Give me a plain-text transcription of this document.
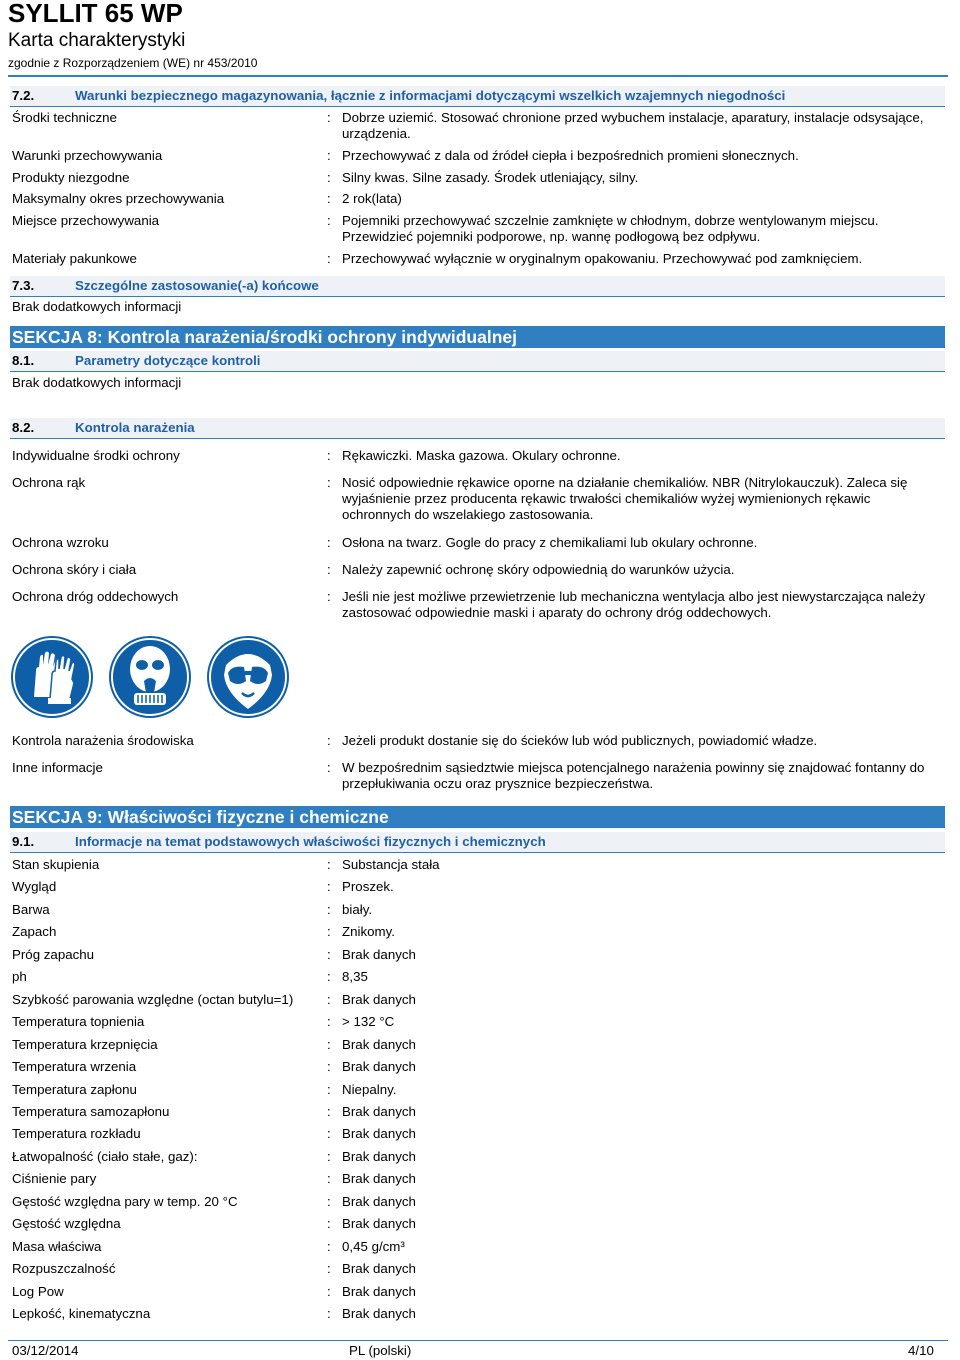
SYLLIT 65 WP
Karta charakterystyki
zgodnie z Rozporządzeniem (WE) nr 453/2010
7.2.	Warunki bezpiecznego magazynowania, łącznie z informacjami dotyczącymi wszelkich wzajemnych niegodności
Środki techniczne	: Dobrze uziemić. Stosować chronione przed wybuchem instalacje, aparatury, instalacje odsysające, urządzenia.
Warunki przechowywania	: Przechowywać z dala od źródeł ciepła i bezpośrednich promieni słonecznych.
Produkty niezgodne	: Silny kwas. Silne zasady. Środek utleniający, silny.
Maksymalny okres przechowywania	: 2 rok(lata)
Miejsce przechowywania	: Pojemniki przechowywać szczelnie zamknięte w chłodnym, dobrze wentylowanym miejscu. Przewidzieć pojemniki podporowe, np. wannę podłogową bez odpływu.
Materiały pakunkowe	: Przechowywać wyłącznie w oryginalnym opakowaniu. Przechowywać pod zamknięciem.
7.3.	Szczególne zastosowanie(-a) końcowe
Brak dodatkowych informacji
SEKCJA 8: Kontrola narażenia/środki ochrony indywidualnej
8.1.	Parametry dotyczące kontroli
Brak dodatkowych informacji
8.2.	Kontrola narażenia
Indywidualne środki ochrony	: Rękawiczki. Maska gazowa. Okulary ochronne.
Ochrona rąk	: Nosić odpowiednie rękawice oporne na działanie chemikaliów. NBR (Nitrylokauczuk). Zaleca się wyjaśnienie przez producenta rękawic trwałości chemikaliów wyżej wymienionych rękawic ochronnych do wszelakiego zastosowania.
Ochrona wzroku	: Osłona na twarz. Gogle do pracy z chemikaliami lub okulary ochronne.
Ochrona skóry i ciała	: Należy zapewnić ochronę skóry odpowiednią do warunków użycia.
Ochrona dróg oddechowych	: Jeśli nie jest możliwe przewietrzenie lub mechaniczna wentylacja albo jest niewystarczająca należy zastosować odpowiednie maski i aparaty do ochrony dróg oddechowych.
Kontrola narażenia środowiska	: Jeżeli produkt dostanie się do ścieków lub wód publicznych, powiadomić władze.
Inne informacje	: W bezpośrednim sąsiedztwie miejsca potencjalnego narażenia powinny się znajdować fontanny do przepłukiwania oczu oraz prysznice bezpieczeństwa.
SEKCJA 9: Właściwości fizyczne i chemiczne
9.1.	Informacje na temat podstawowych właściwości fizycznych i chemicznych
Stan skupienia	: Substancja stała
Wygląd	: Proszek.
Barwa	: biały.
Zapach	: Znikomy.
Próg zapachu	: Brak danych
ph	: 8,35
Szybkość parowania względne (octan butylu=1)	: Brak danych
Temperatura topnienia	: > 132 °C
Temperatura krzepnięcia	: Brak danych
Temperatura wrzenia	: Brak danych
Temperatura zapłonu	: Niepalny.
Temperatura samozapłonu	: Brak danych
Temperatura rozkładu	: Brak danych
Łatwopalność (ciało stałe, gaz):	: Brak danych
Ciśnienie pary	: Brak danych
Gęstość względna pary w temp. 20 °C	: Brak danych
Gęstość względna	: Brak danych
Masa właściwa	: 0,45 g/cm³
Rozpuszczalność	: Brak danych
Log Pow	: Brak danych
Lepkość, kinematyczna	: Brak danych
03/12/2014	PL (polski)	4/10
